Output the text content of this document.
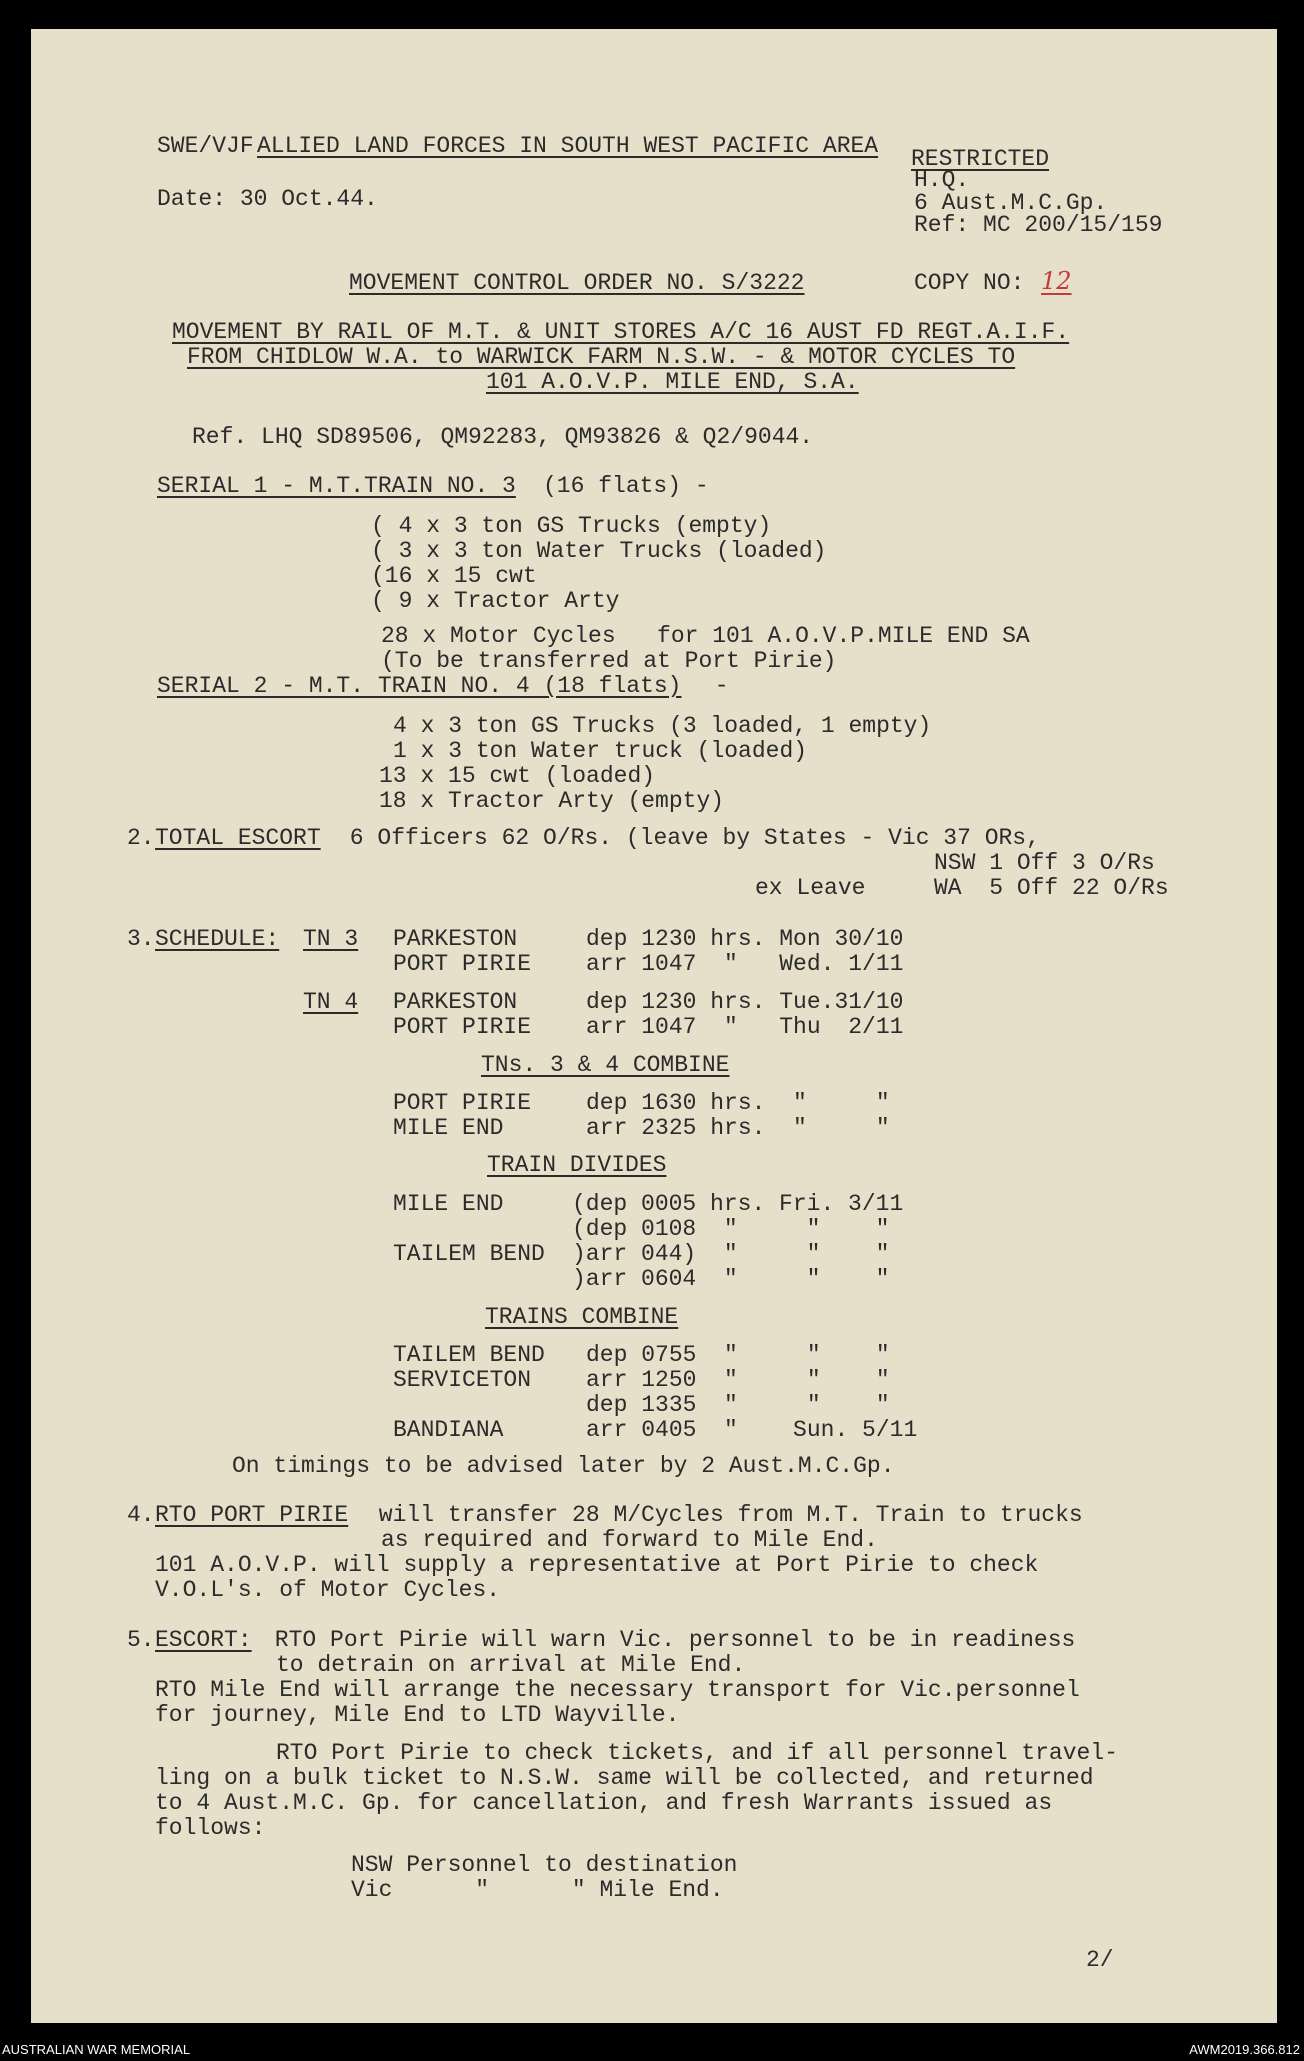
SWE/VJF ALLIED LAND FORCES IN SOUTH WEST PACIFIC AREA RESTRICTED
H.Q.
6 Aust.M.C.Gp.
Date: 30 Oct.44.
Ref: MC 200/15/159
MOVEMENT CONTROL ORDER NO. S/3222	COPY NO: 12
MOVEMENT BY RAIL OF M.T. & UNIT STORES A/C 16 AUST FD REGT.A.I.F.
FROM CHIDLOW W.A. to WARWICK FARM N.S.W. - & MOTOR CYCLES TO
101 A.O.V.P. MILE END, S.A.
Ref. LHQ SD89506, QM92283, QM93826 & Q2/9044.
SERIAL 1 - M.T.TRAIN NO. 3 (16 flats) -
( 4 x 3 ton GS Trucks (empty)
( 3 x 3 ton Water Trucks (loaded)
(16 x 15 cwt
( 9 x Tractor Arty
28 x Motor Cycles   for 101 A.O.V.P.MILE END SA
(To be transferred at Port Pirie)
SERIAL 2 - M.T. TRAIN NO. 4 (18 flats) -
4 x 3 ton GS Trucks (3 loaded, 1 empty)
1 x 3 ton Water truck (loaded)
13 x 15 cwt (loaded)
18 x Tractor Arty (empty)
2. TOTAL ESCORT 6 Officers 62 O/Rs. (leave by States - Vic 37 ORs,
NSW 1 Off 3 O/Rs
ex Leave	WA  5 Off 22 O/Rs
3. SCHEDULE: TN 3 PARKESTON	dep 1230 hrs. Mon 30/10
PORT PIRIE arr 1047  "   Wed. 1/11
TN 4 PARKESTON	dep 1230 hrs. Tue.31/10
PORT PIRIE arr 1047  "   Thu  2/11
TNs. 3 & 4 COMBINE
PORT PIRIE dep 1630 hrs.  "     "
MILE END	arr 2325 hrs.  "     "
TRAIN DIVIDES
MILE END	(dep 0005 hrs. Fri. 3/11
(dep 0108  "     "    "
TAILEM BEND )arr 044)  "     "    "
)arr 0604  "     "    "
TRAINS COMBINE
TAILEM BEND dep 0755  "     "    "
SERVICETON arr 1250  "     "    "
dep 1335  "     "    "
BANDIANA	arr 0405  "    Sun. 5/11
On timings to be advised later by 2 Aust.M.C.Gp.
4. RTO PORT PIRIE will transfer 28 M/Cycles from M.T. Train to trucks
as required and forward to Mile End.
101 A.O.V.P. will supply a representative at Port Pirie to check
V.O.L's. of Motor Cycles.
5. ESCORT: RTO Port Pirie will warn Vic. personnel to be in readiness
to detrain on arrival at Mile End.
RTO Mile End will arrange the necessary transport for Vic.personnel
for journey, Mile End to LTD Wayville.
RTO Port Pirie to check tickets, and if all personnel travel-
ling on a bulk ticket to N.S.W. same will be collected, and returned
to 4 Aust.M.C. Gp. for cancellation, and fresh Warrants issued as
follows:
NSW Personnel to destination
Vic      "      " Mile End.
2/
AUSTRALIAN WAR MEMORIAL	AWM2019.366.812
